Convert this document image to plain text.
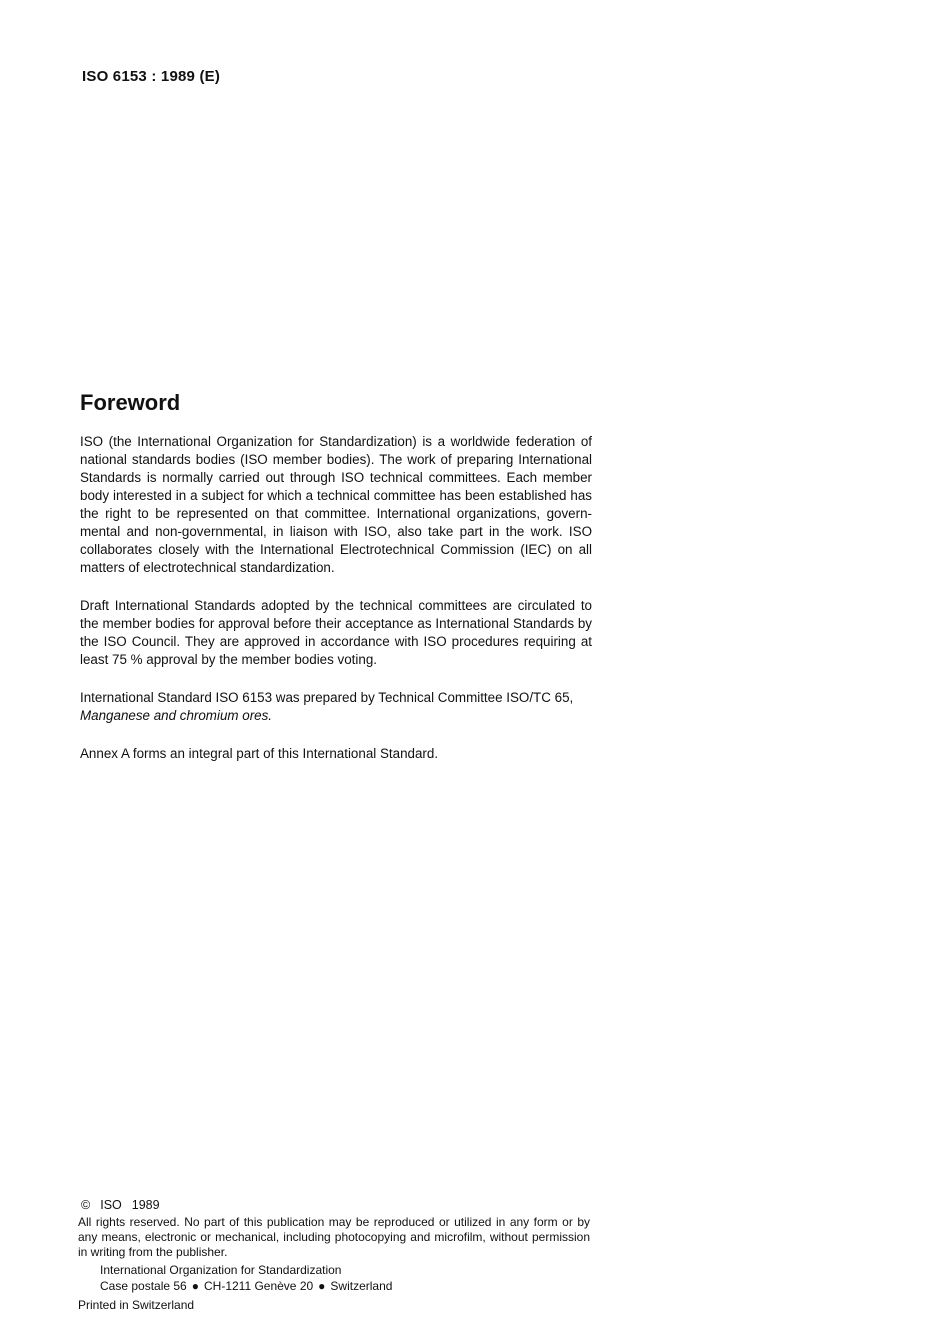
ISO 6153 : 1989 (E)
Foreword

ISO (the International Organization for Standardization) is a worldwide federation of national standards bodies (ISO member bodies). The work of preparing International Standards is normally carried out through ISO technical committees. Each member body interested in a subject for which a technical committee has been established has the right to be represented on that committee. International organizations, govern-mental and non-governmental, in liaison with ISO, also take part in the work. ISO collaborates closely with the International Electrotechnical Commission (IEC) on all matters of electrotechnical standardization.

Draft International Standards adopted by the technical committees are circulated to the member bodies for approval before their acceptance as International Standards by the ISO Council. They are approved in accordance with ISO procedures requiring at least 75 % approval by the member bodies voting.

International Standard ISO 6153 was prepared by Technical Committee ISO/TC 65,
Manganese and chromium ores.

Annex A forms an integral part of this International Standard.

© ISO 1989
All rights reserved. No part of this publication may be reproduced or utilized in any form or by any means, electronic or mechanical, including photocopying and microfilm, without permission in writing from the publisher.
International Organization for Standardization
Case postale 56 ● CH-1211 Genève 20 ● Switzerland
Printed in Switzerland
